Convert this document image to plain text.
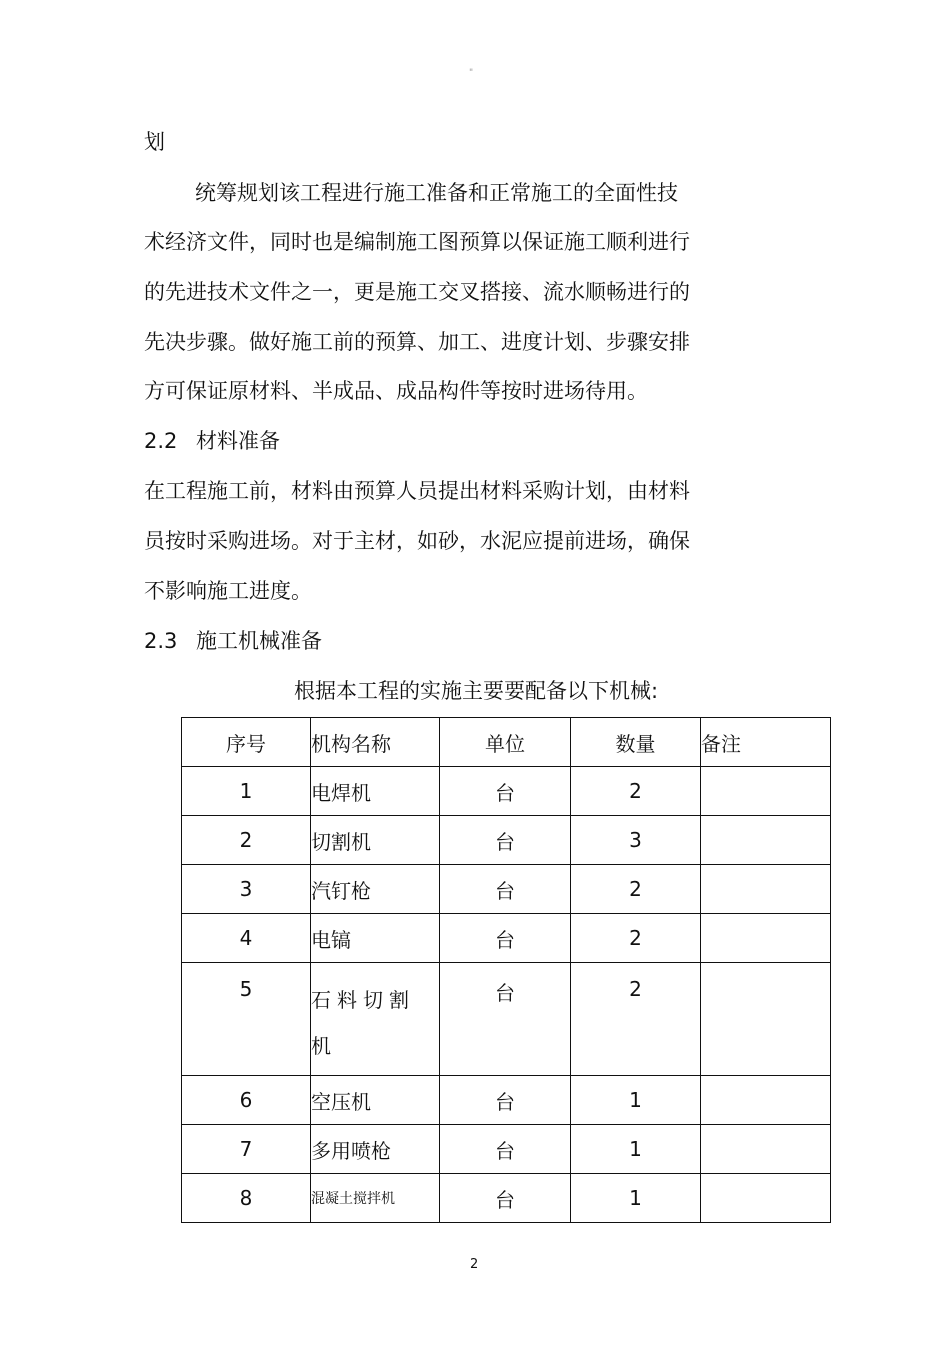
"
划
统筹规划该工程进行施工准备和正常施工的全面性技
术经济文件，同时也是编制施工图预算以保证施工顺利进行
的先进技术文件之一，更是施工交叉搭接、流水顺畅进行的
先决步骤。做好施工前的预算、加工、进度计划、步骤安排
方可保证原材料、半成品、成品构件等按时进场待用。
2.2 材料准备
在工程施工前，材料由预算人员提出材料采购计划，由材料
员按时采购进场。对于主材，如砂，水泥应提前进场，确保
不影响施工进度。
2.3 施工机械准备
根据本工程的实施主要要配备以下机械:
序号	机构名称	单位	数量	备注
1	电焊机	台	2	
2	切割机	台	3	
3	汽钉枪	台	2	
4	电镐	台	2	
5	石料切割机	台	2	
6	空压机	台	1	
7	多用喷枪	台	1	
8	混凝土搅拌机	台	1	
2
